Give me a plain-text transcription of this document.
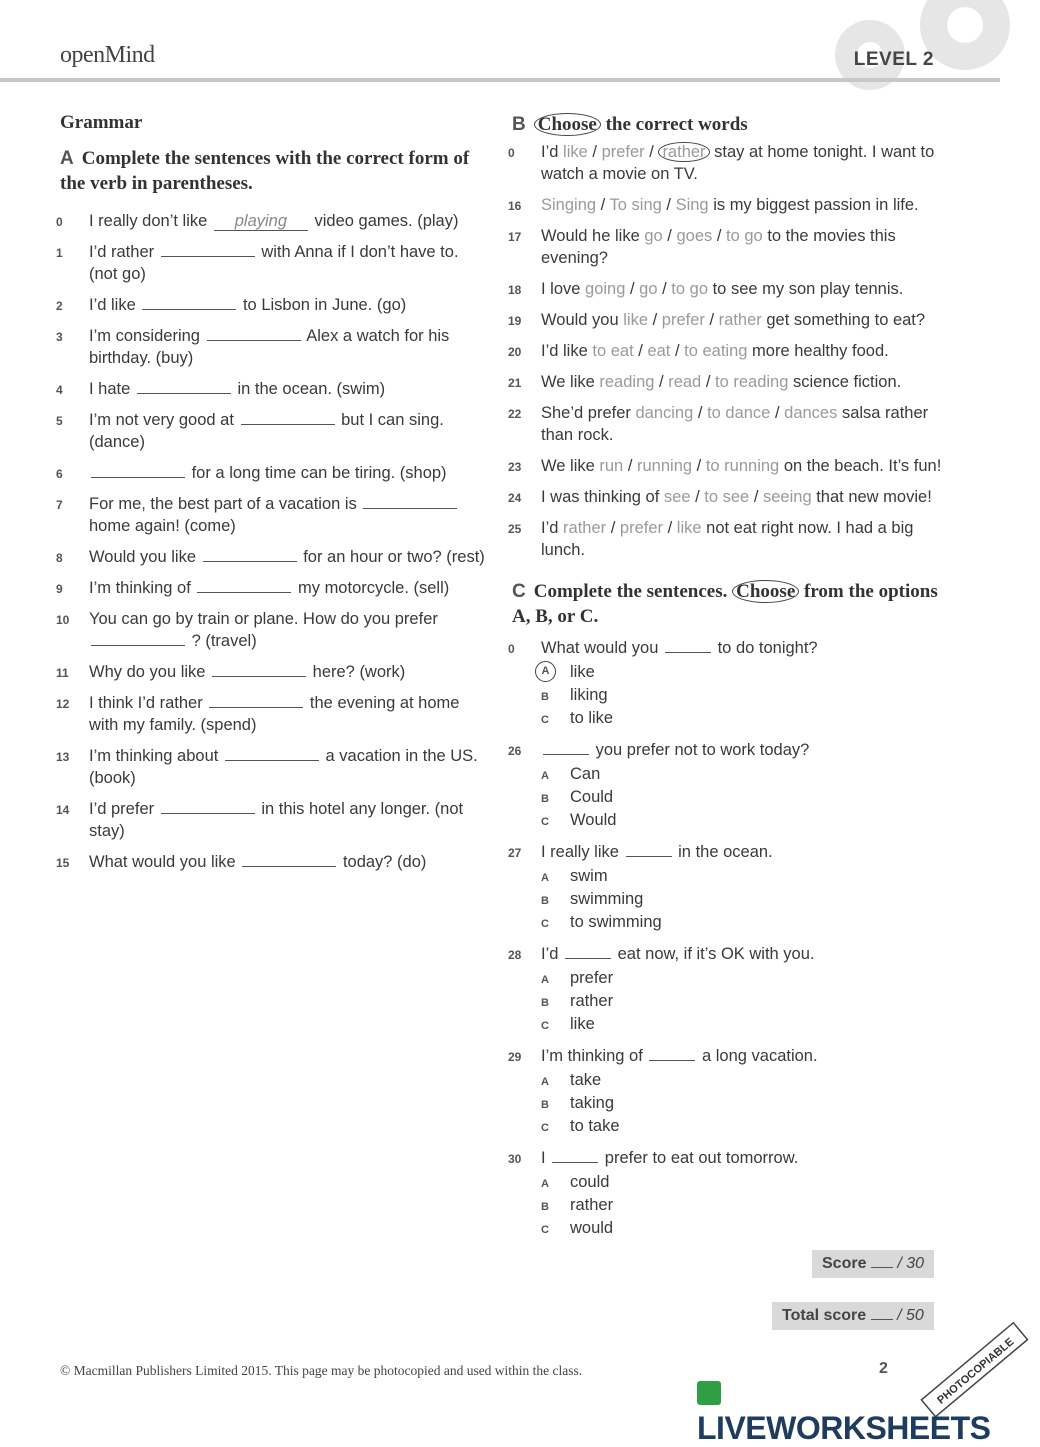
openMind	LEVEL 2
Grammar
A Complete the sentences with the correct form of the verb in parentheses.
0	I really don’t like playing video games. (play)
1	I’d rather	with Anna if I don’t have to. (not go)
2	I’d like	to Lisbon in June. (go)
3	I’m considering	Alex a watch for his birthday. (buy)
4	I hate	in the ocean. (swim)
5	I’m not very good at	but I can sing. (dance)
6	for a long time can be tiring. (shop)
7	For me, the best part of a vacation is  home again! (come)
8	Would you like	for an hour or two? (rest)
9	I’m thinking of	my motorcycle. (sell)
10	You can go by train or plane. How do you prefer  ? (travel)
11	Why do you like	here? (work)
12	I think I’d rather	the evening at home with my family. (spend)
13	I’m thinking about	a vacation in the US. (book)
14	I’d prefer	in this hotel any longer. (not stay)
15	What would you like	today? (do)
B Choose the correct words
0	I’d like / prefer / rather stay at home tonight. I want to watch a movie on TV.
16	Singing / To sing / Sing is my biggest passion in life.
17	Would he like go / goes / to go to the movies this evening?
18	I love going / go / to go to see my son play tennis.
19	Would you like / prefer / rather get something to eat?
20	I’d like to eat / eat / to eating more healthy food.
21	We like reading / read / to reading science fiction.
22	She’d prefer dancing / to dance / dances salsa rather than rock.
23	We like run / running / to running on the beach. It’s fun!
24	I was thinking of see / to see / seeing that new movie!
25	I’d rather / prefer / like not eat right now. I had a big lunch.
C Complete the sentences. Choose from the options A, B, or C.
0	What would you	to do tonight?
A	like
B liking
C to like
26	you prefer not to work today?
A Can
B Could
C Would
27	I really like	in the ocean.
A swim
B swimming
C to swimming
28	I’d	eat now, if it’s OK with you.
A prefer
B rather
C like
29	I’m thinking of	a long vacation.
A take
B taking
C to take
30	I	prefer to eat out tomorrow.
A could
B rather
C would
Score / 30
Total score / 50
© Macmillan Publishers Limited 2015. This page may be photocopied and used within the class.	2	PHOTOCOPIABLE
LIVEWORKSHEETS
